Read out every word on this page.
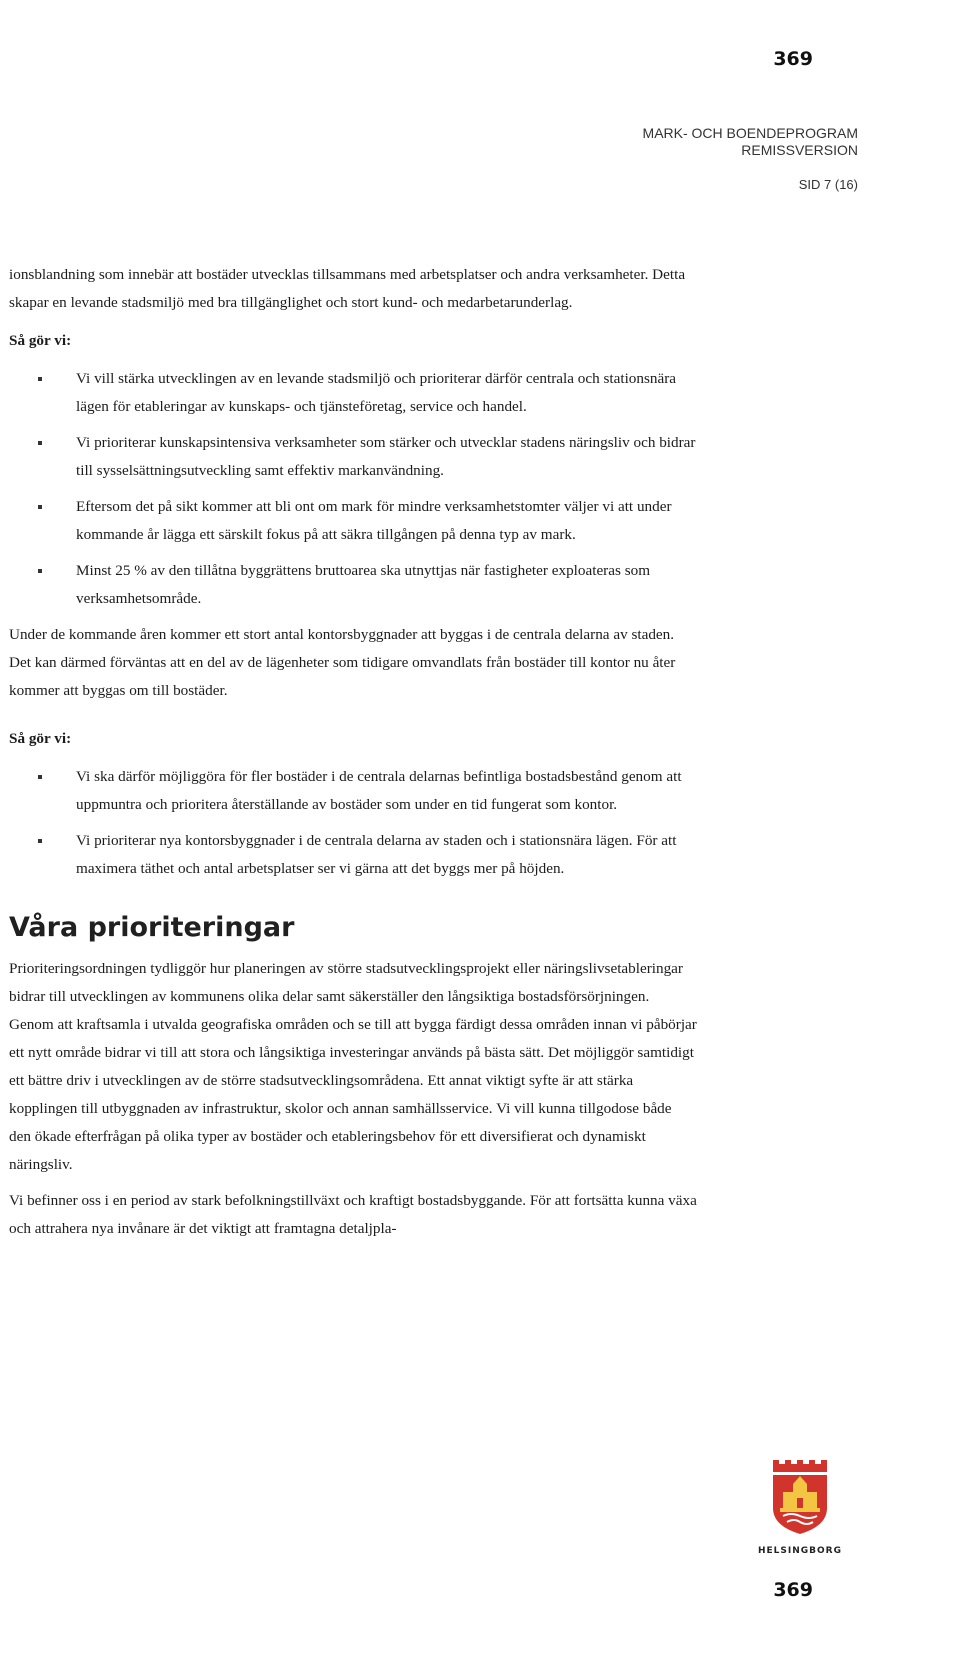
369
MARK- OCH BOENDEPROGRAM
REMISSVERSION
SID 7 (16)

ionsblandning som innebär att bostäder utvecklas tillsammans med arbetsplatser och andra verksamheter. Detta skapar en levande stadsmiljö med bra tillgänglighet och stort kund- och medarbetarunderlag.

Så gör vi:

Vi vill stärka utvecklingen av en levande stadsmiljö och prioriterar därför centrala och stationsnära lägen för etableringar av kunskaps- och tjänsteföretag, service och handel.
Vi prioriterar kunskapsintensiva verksamheter som stärker och utvecklar stadens näringsliv och bidrar till sysselsättningsutveckling samt effektiv markanvändning.
Eftersom det på sikt kommer att bli ont om mark för mindre verksamhetstomter väljer vi att under kommande år lägga ett särskilt fokus på att säkra tillgången på denna typ av mark.
Minst 25 % av den tillåtna byggrättens bruttoarea ska utnyttjas när fastigheter exploateras som verksamhetsområde.

Under de kommande åren kommer ett stort antal kontorsbyggnader att byggas i de centrala delarna av staden. Det kan därmed förväntas att en del av de lägenheter som tidigare omvandlats från bostäder till kontor nu åter kommer att byggas om till bostäder.

Så gör vi:

Vi ska därför möjliggöra för fler bostäder i de centrala delarnas befintliga bostadsbestånd genom att uppmuntra och prioritera återställande av bostäder som under en tid fungerat som kontor.
Vi prioriterar nya kontorsbyggnader i de centrala delarna av staden och i stationsnära lägen. För att maximera täthet och antal arbetsplatser ser vi gärna att det byggs mer på höjden.
Våra prioriteringar

Prioriteringsordningen tydliggör hur planeringen av större stadsutvecklingsprojekt eller näringslivsetableringar bidrar till utvecklingen av kommunens olika delar samt säkerställer den långsiktiga bostadsförsörjningen. Genom att kraftsamla i utvalda geografiska områden och se till att bygga färdigt dessa områden innan vi påbörjar ett nytt område bidrar vi till att stora och långsiktiga investeringar används på bästa sätt. Det möjliggör samtidigt ett bättre driv i utvecklingen av de större stadsutvecklingsområdena. Ett annat viktigt syfte är att stärka kopplingen till utbyggnaden av infrastruktur, skolor och annan samhällsservice. Vi vill kunna tillgodose både den ökade efterfrågan på olika typer av bostäder och etableringsbehov för ett diversifierat och dynamiskt näringsliv.

Vi befinner oss i en period av stark befolkningstillväxt och kraftigt bostadsbyggande. För att fortsätta kunna växa och attrahera nya invånare är det viktigt att framtagna detaljpla-

HELSINGBORG
369
